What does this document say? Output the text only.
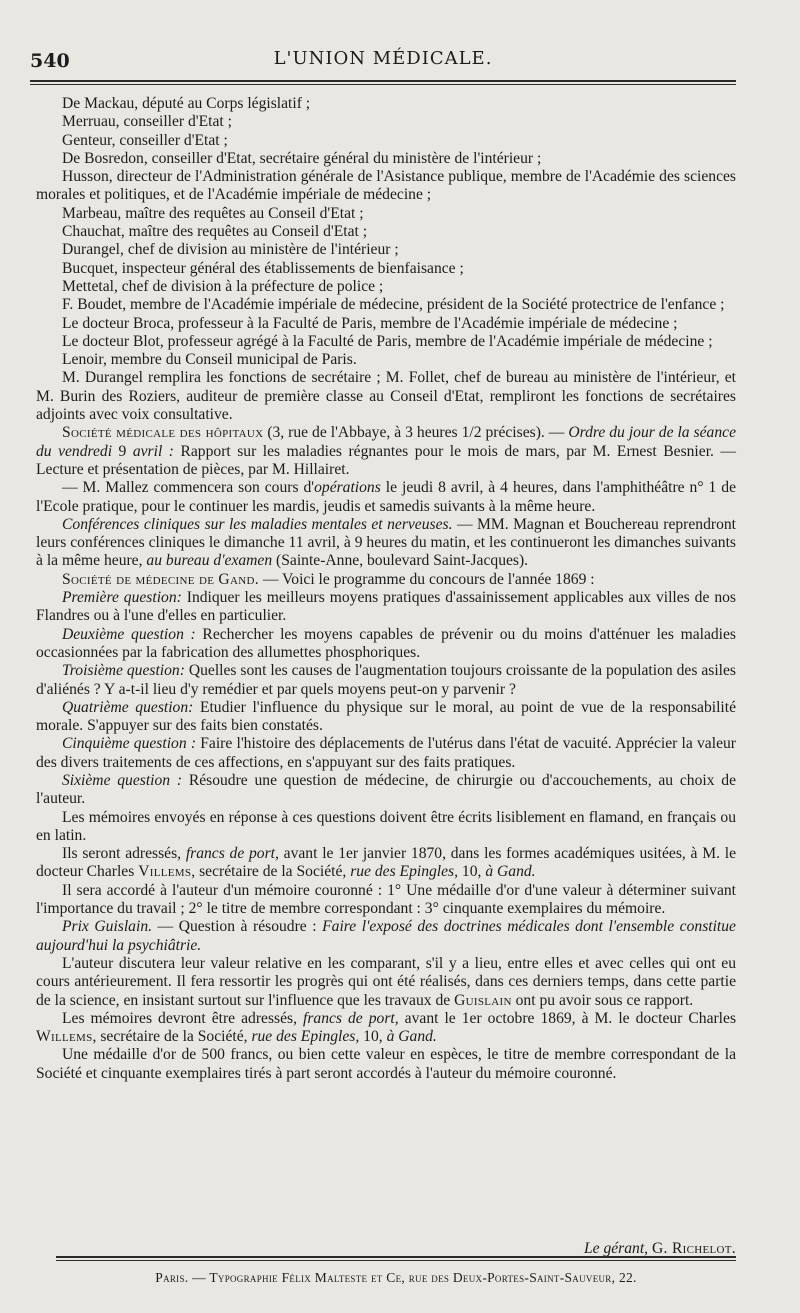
540	L'UNION MÉDICALE.

De Mackau, député au Corps législatif ;

Merruau, conseiller d'Etat ;

Genteur, conseiller d'Etat ;

De Bosredon, conseiller d'Etat, secrétaire général du ministère de l'intérieur ;

Husson, directeur de l'Administration générale de l'Asistance publique, membre de l'Académie des sciences morales et politiques, et de l'Académie impériale de médecine ;

Marbeau, maître des requêtes au Conseil d'Etat ;

Chauchat, maître des requêtes au Conseil d'Etat ;

Durangel, chef de division au ministère de l'intérieur ;

Bucquet, inspecteur général des établissements de bienfaisance ;

Mettetal, chef de division à la préfecture de police ;

F. Boudet, membre de l'Académie impériale de médecine, président de la Société protectrice de l'enfance ;

Le docteur Broca, professeur à la Faculté de Paris, membre de l'Académie impériale de médecine ;

Le docteur Blot, professeur agrégé à la Faculté de Paris, membre de l'Académie impériale de médecine ;

Lenoir, membre du Conseil municipal de Paris.

M. Durangel remplira les fonctions de secrétaire ; M. Follet, chef de bureau au ministère de l'intérieur, et M. Burin des Roziers, auditeur de première classe au Conseil d'Etat, rempliront les fonctions de secrétaires adjoints avec voix consultative.

Société médicale des hôpitaux (3, rue de l'Abbaye, à 3 heures 1/2 précises). — Ordre du jour de la séance du vendredi 9 avril : Rapport sur les maladies régnantes pour le mois de mars, par M. Ernest Besnier. — Lecture et présentation de pièces, par M. Hillairet.

— M. Mallez commencera son cours d'opérations le jeudi 8 avril, à 4 heures, dans l'amphithéâtre n° 1 de l'Ecole pratique, pour le continuer les mardis, jeudis et samedis suivants à la même heure.

Conférences cliniques sur les maladies mentales et nerveuses. — MM. Magnan et Bouchereau reprendront leurs conférences cliniques le dimanche 11 avril, à 9 heures du matin, et les continueront les dimanches suivants à la même heure, au bureau d'examen (Sainte-Anne, boulevard Saint-Jacques).

Société de médecine de Gand. — Voici le programme du concours de l'année 1869 :

Première question: Indiquer les meilleurs moyens pratiques d'assainissement applicables aux villes de nos Flandres ou à l'une d'elles en particulier.

Deuxième question : Rechercher les moyens capables de prévenir ou du moins d'atténuer les maladies occasionnées par la fabrication des allumettes phosphoriques.

Troisième question: Quelles sont les causes de l'augmentation toujours croissante de la population des asiles d'aliénés ? Y a-t-il lieu d'y remédier et par quels moyens peut-on y parvenir ?

Quatrième question: Etudier l'influence du physique sur le moral, au point de vue de la responsabilité morale. S'appuyer sur des faits bien constatés.

Cinquième question : Faire l'histoire des déplacements de l'utérus dans l'état de vacuité. Apprécier la valeur des divers traitements de ces affections, en s'appuyant sur des faits pratiques.

Sixième question : Résoudre une question de médecine, de chirurgie ou d'accouchements, au choix de l'auteur.

Les mémoires envoyés en réponse à ces questions doivent être écrits lisiblement en flamand, en français ou en latin.

Ils seront adressés, francs de port, avant le 1er janvier 1870, dans les formes académiques usitées, à M. le docteur Charles Villems, secrétaire de la Société, rue des Epingles, 10, à Gand.

Il sera accordé à l'auteur d'un mémoire couronné : 1° Une médaille d'or d'une valeur à déterminer suivant l'importance du travail ; 2° le titre de membre correspondant : 3° cinquante exemplaires du mémoire.

Prix Guislain. — Question à résoudre : Faire l'exposé des doctrines médicales dont l'ensemble constitue aujourd'hui la psychiâtrie.

L'auteur discutera leur valeur relative en les comparant, s'il y a lieu, entre elles et avec celles qui ont eu cours antérieurement. Il fera ressortir les progrès qui ont été réalisés, dans ces derniers temps, dans cette partie de la science, en insistant surtout sur l'influence que les travaux de Guislain ont pu avoir sous ce rapport.

Les mémoires devront être adressés, francs de port, avant le 1er octobre 1869, à M. le docteur Charles Willems, secrétaire de la Société, rue des Epingles, 10, à Gand.

Une médaille d'or de 500 francs, ou bien cette valeur en espèces, le titre de membre correspondant de la Société et cinquante exemplaires tirés à part seront accordés à l'auteur du mémoire couronné.

Le gérant, G. Richelot.
Paris. — Typographie Félix Malteste et Ce, rue des Deux-Portes-Saint-Sauveur, 22.
